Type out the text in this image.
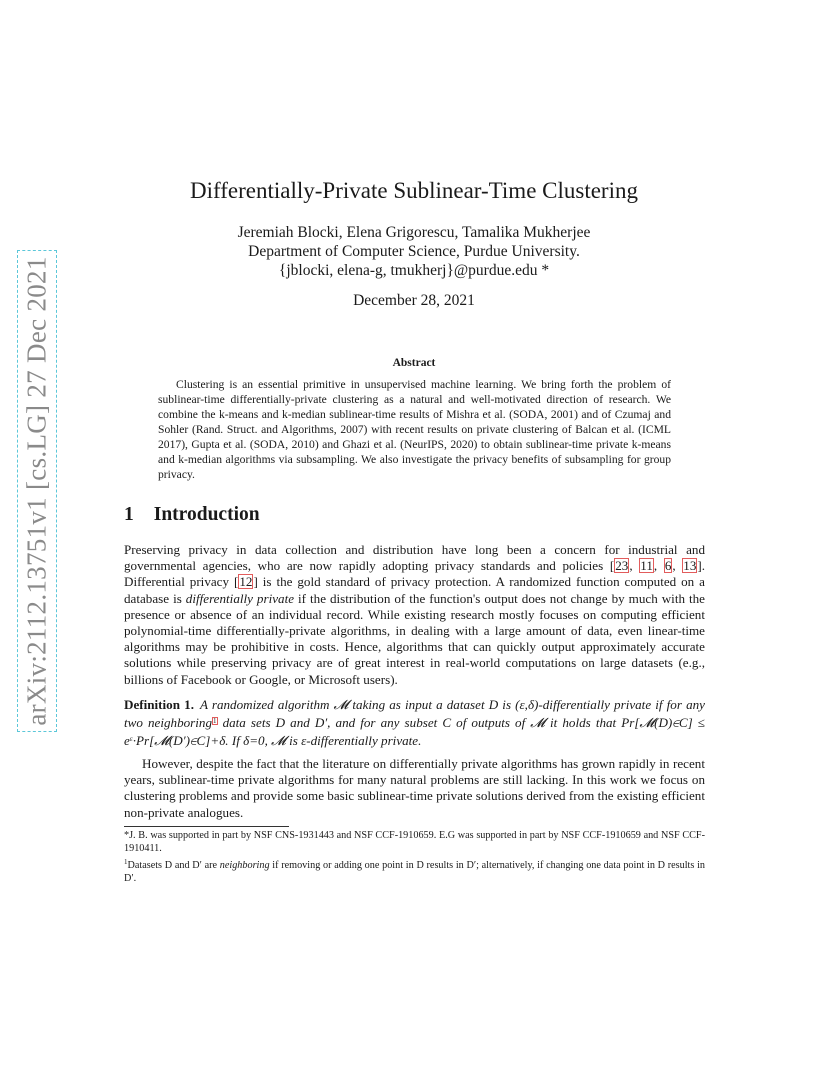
arXiv:2112.13751v1 [cs.LG] 27 Dec 2021
Differentially-Private Sublinear-Time Clustering
Jeremiah Blocki, Elena Grigorescu, Tamalika Mukherjee
Department of Computer Science, Purdue University.
{jblocki, elena-g, tmukherj}@purdue.edu *
December 28, 2021
Abstract
Clustering is an essential primitive in unsupervised machine learning. We bring forth the problem of sublinear-time differentially-private clustering as a natural and well-motivated direction of research. We combine the k-means and k-median sublinear-time results of Mishra et al. (SODA, 2001) and of Czumaj and Sohler (Rand. Struct. and Algorithms, 2007) with recent results on private clustering of Balcan et al. (ICML 2017), Gupta et al. (SODA, 2010) and Ghazi et al. (NeurIPS, 2020) to obtain sublinear-time private k-means and k-median algorithms via subsampling. We also investigate the privacy benefits of subsampling for group privacy.
1 Introduction
Preserving privacy in data collection and distribution have long been a concern for industrial and governmental agencies, who are now rapidly adopting privacy standards and policies [23, 11, 6, 13]. Differential privacy [12] is the gold standard of privacy protection. A randomized function computed on a database is differentially private if the distribution of the function's output does not change by much with the presence or absence of an individual record. While existing research mostly focuses on computing efficient polynomial-time differentially-private algorithms, in dealing with a large amount of data, even linear-time algorithms may be prohibitive in costs. Hence, algorithms that can quickly output approximately accurate solutions while preserving privacy are of great interest in real-world computations on large datasets (e.g., billions of Facebook or Google, or Microsoft users).
Definition 1. A randomized algorithm 𝓜 taking as input a dataset D is (ε,δ)-differentially private if for any two neighboring$^1$ data sets D and D′, and for any subset C of outputs of 𝓜 it holds that Pr[𝓜(D)∈C] ≤ $e^\varepsilon\cdot Pr[𝓜(D')\in C]+\delta$. If δ=0, 𝓜 is ε-differentially private.
However, despite the fact that the literature on differentially private algorithms has grown rapidly in recent years, sublinear-time private algorithms for many natural problems are still lacking. In this work we focus on clustering problems and provide some basic sublinear-time private solutions derived from the existing efficient non-private analogues.
*J. B. was supported in part by NSF CNS-1931443 and NSF CCF-1910659. E.G was supported in part by NSF CCF-1910659 and NSF CCF-1910411.
$^1$Datasets D and D′ are neighboring if removing or adding one point in D results in D′; alternatively, if changing one data point in D results in D′.
